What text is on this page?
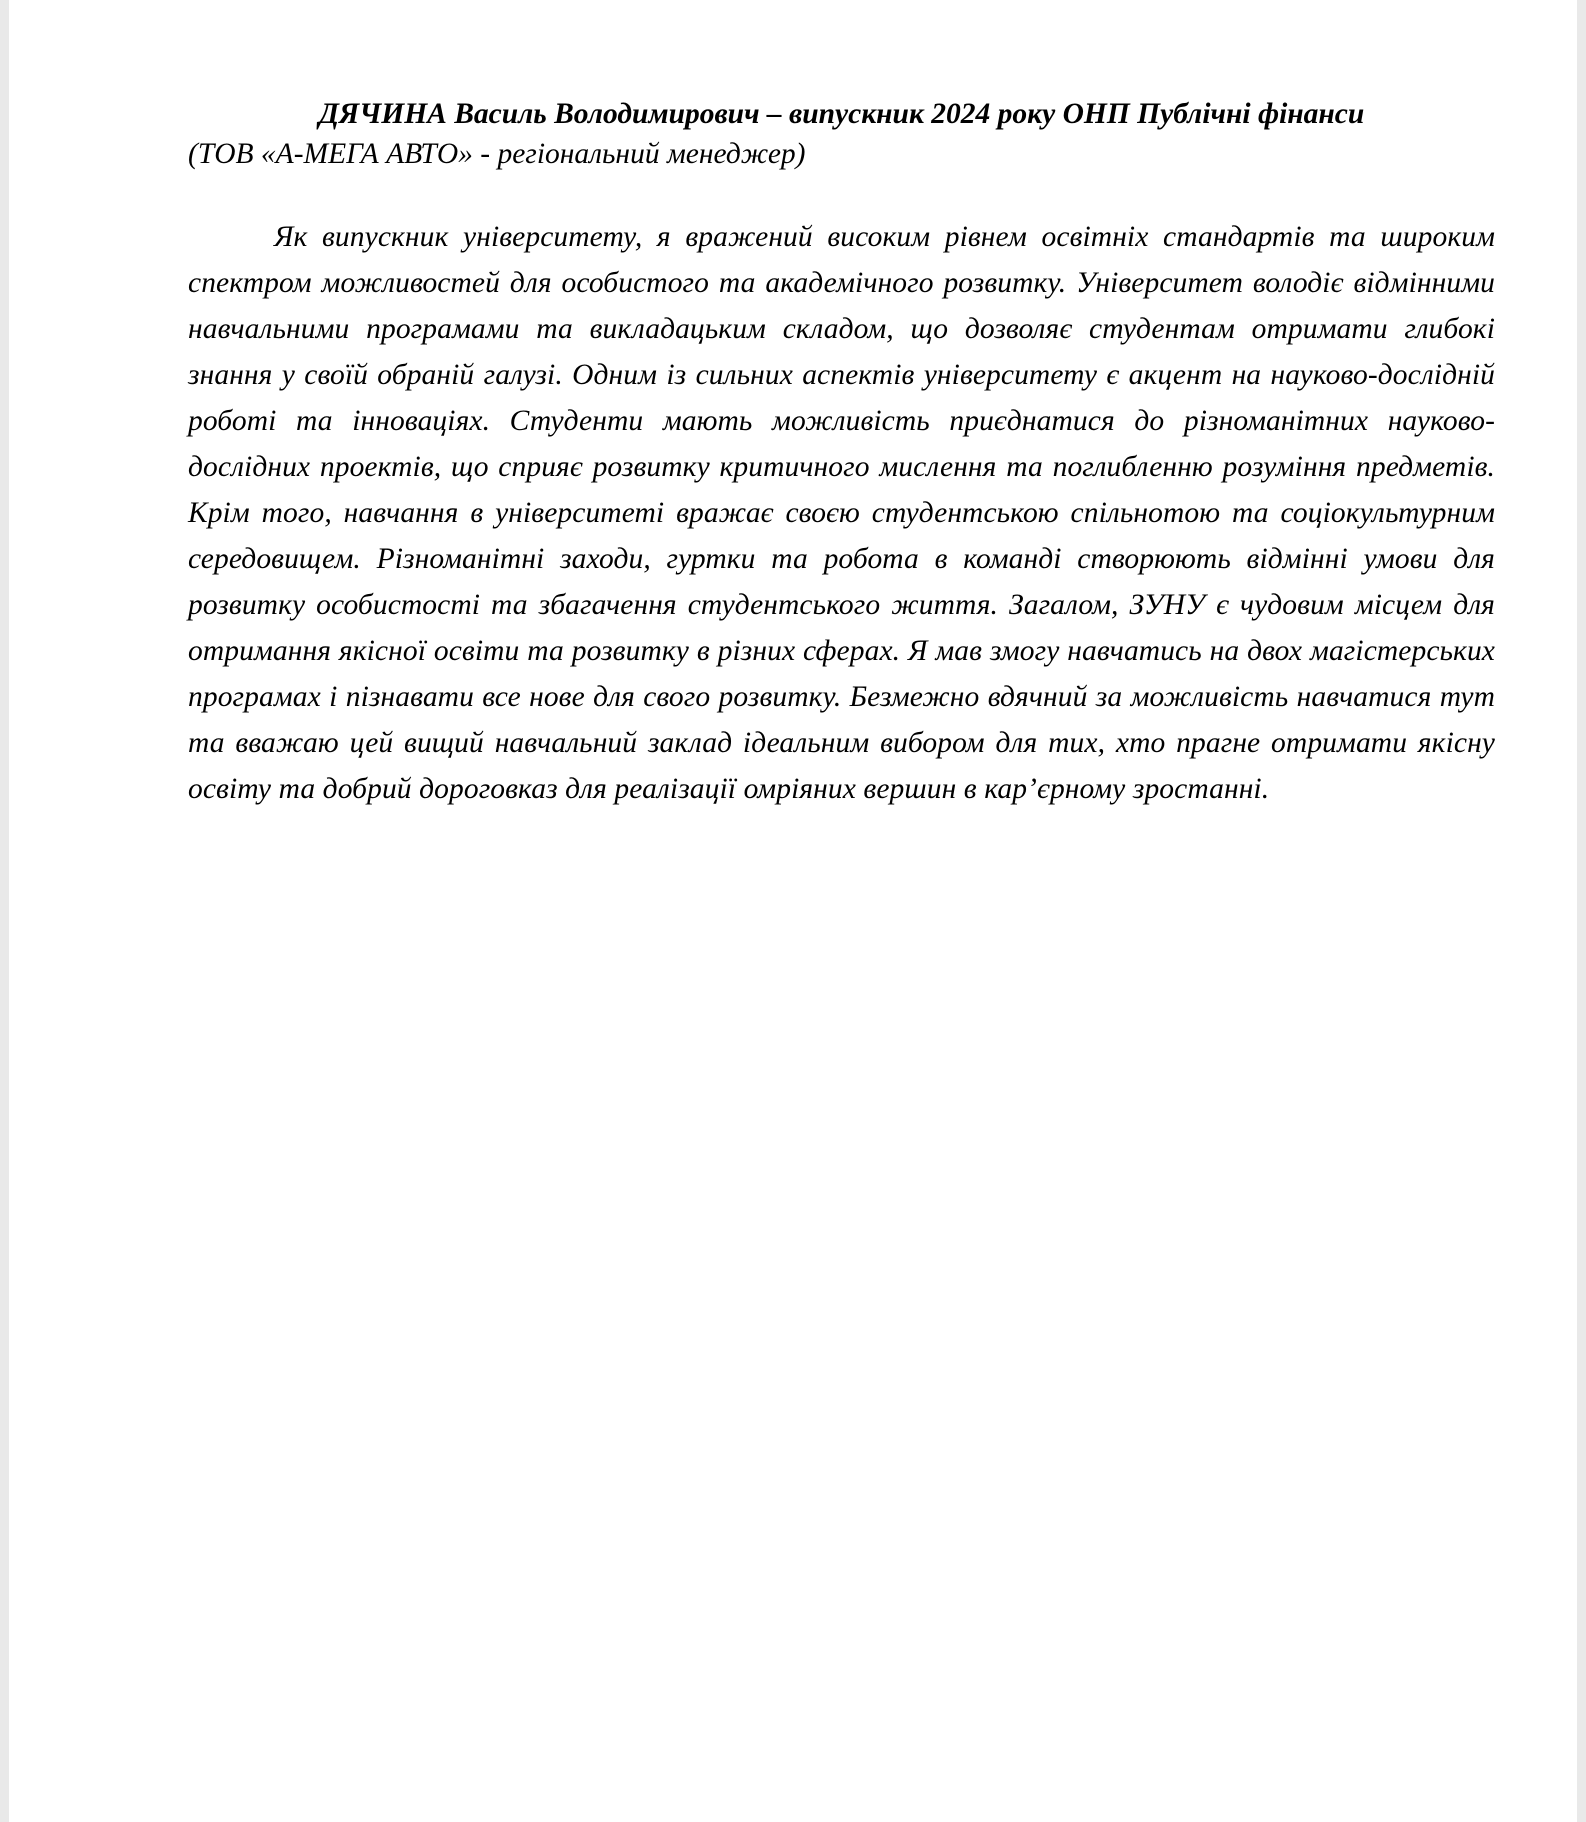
ДЯЧИНА Василь Володимирович – випускник 2024 року ОНП Публічні фінанси
(ТОВ «А-МЕГА АВТО» - регіональний менеджер)

Як випускник університету, я вражений високим рівнем освітніх стандартів та широким спектром можливостей для особистого та академічного розвитку. Університет володіє відмінними навчальними програмами та викладацьким складом, що дозволяє студентам отримати глибокі знання у своїй обраній галузі. Одним із сильних аспектів університету є акцент на науково-дослідній роботі та інноваціях. Студенти мають можливість приєднатися до різноманітних науково-дослідних проектів, що сприяє розвитку критичного мислення та поглибленню розуміння предметів. Крім того, навчання в університеті вражає своєю студентською спільнотою та соціокультурним середовищем. Різноманітні заходи, гуртки та робота в команді створюють відмінні умови для розвитку особистості та збагачення студентського життя. Загалом, ЗУНУ є чудовим місцем для отримання якісної освіти та розвитку в різних сферах. Я мав змогу навчатись на двох магістерських програмах і пізнавати все нове для свого розвитку. Безмежно вдячний за можливість навчатися тут та вважаю цей вищий навчальний заклад ідеальним вибором для тих, хто прагне отримати якісну освіту та добрий дороговказ для реалізації омріяних вершин в кар’єрному зростанні.
